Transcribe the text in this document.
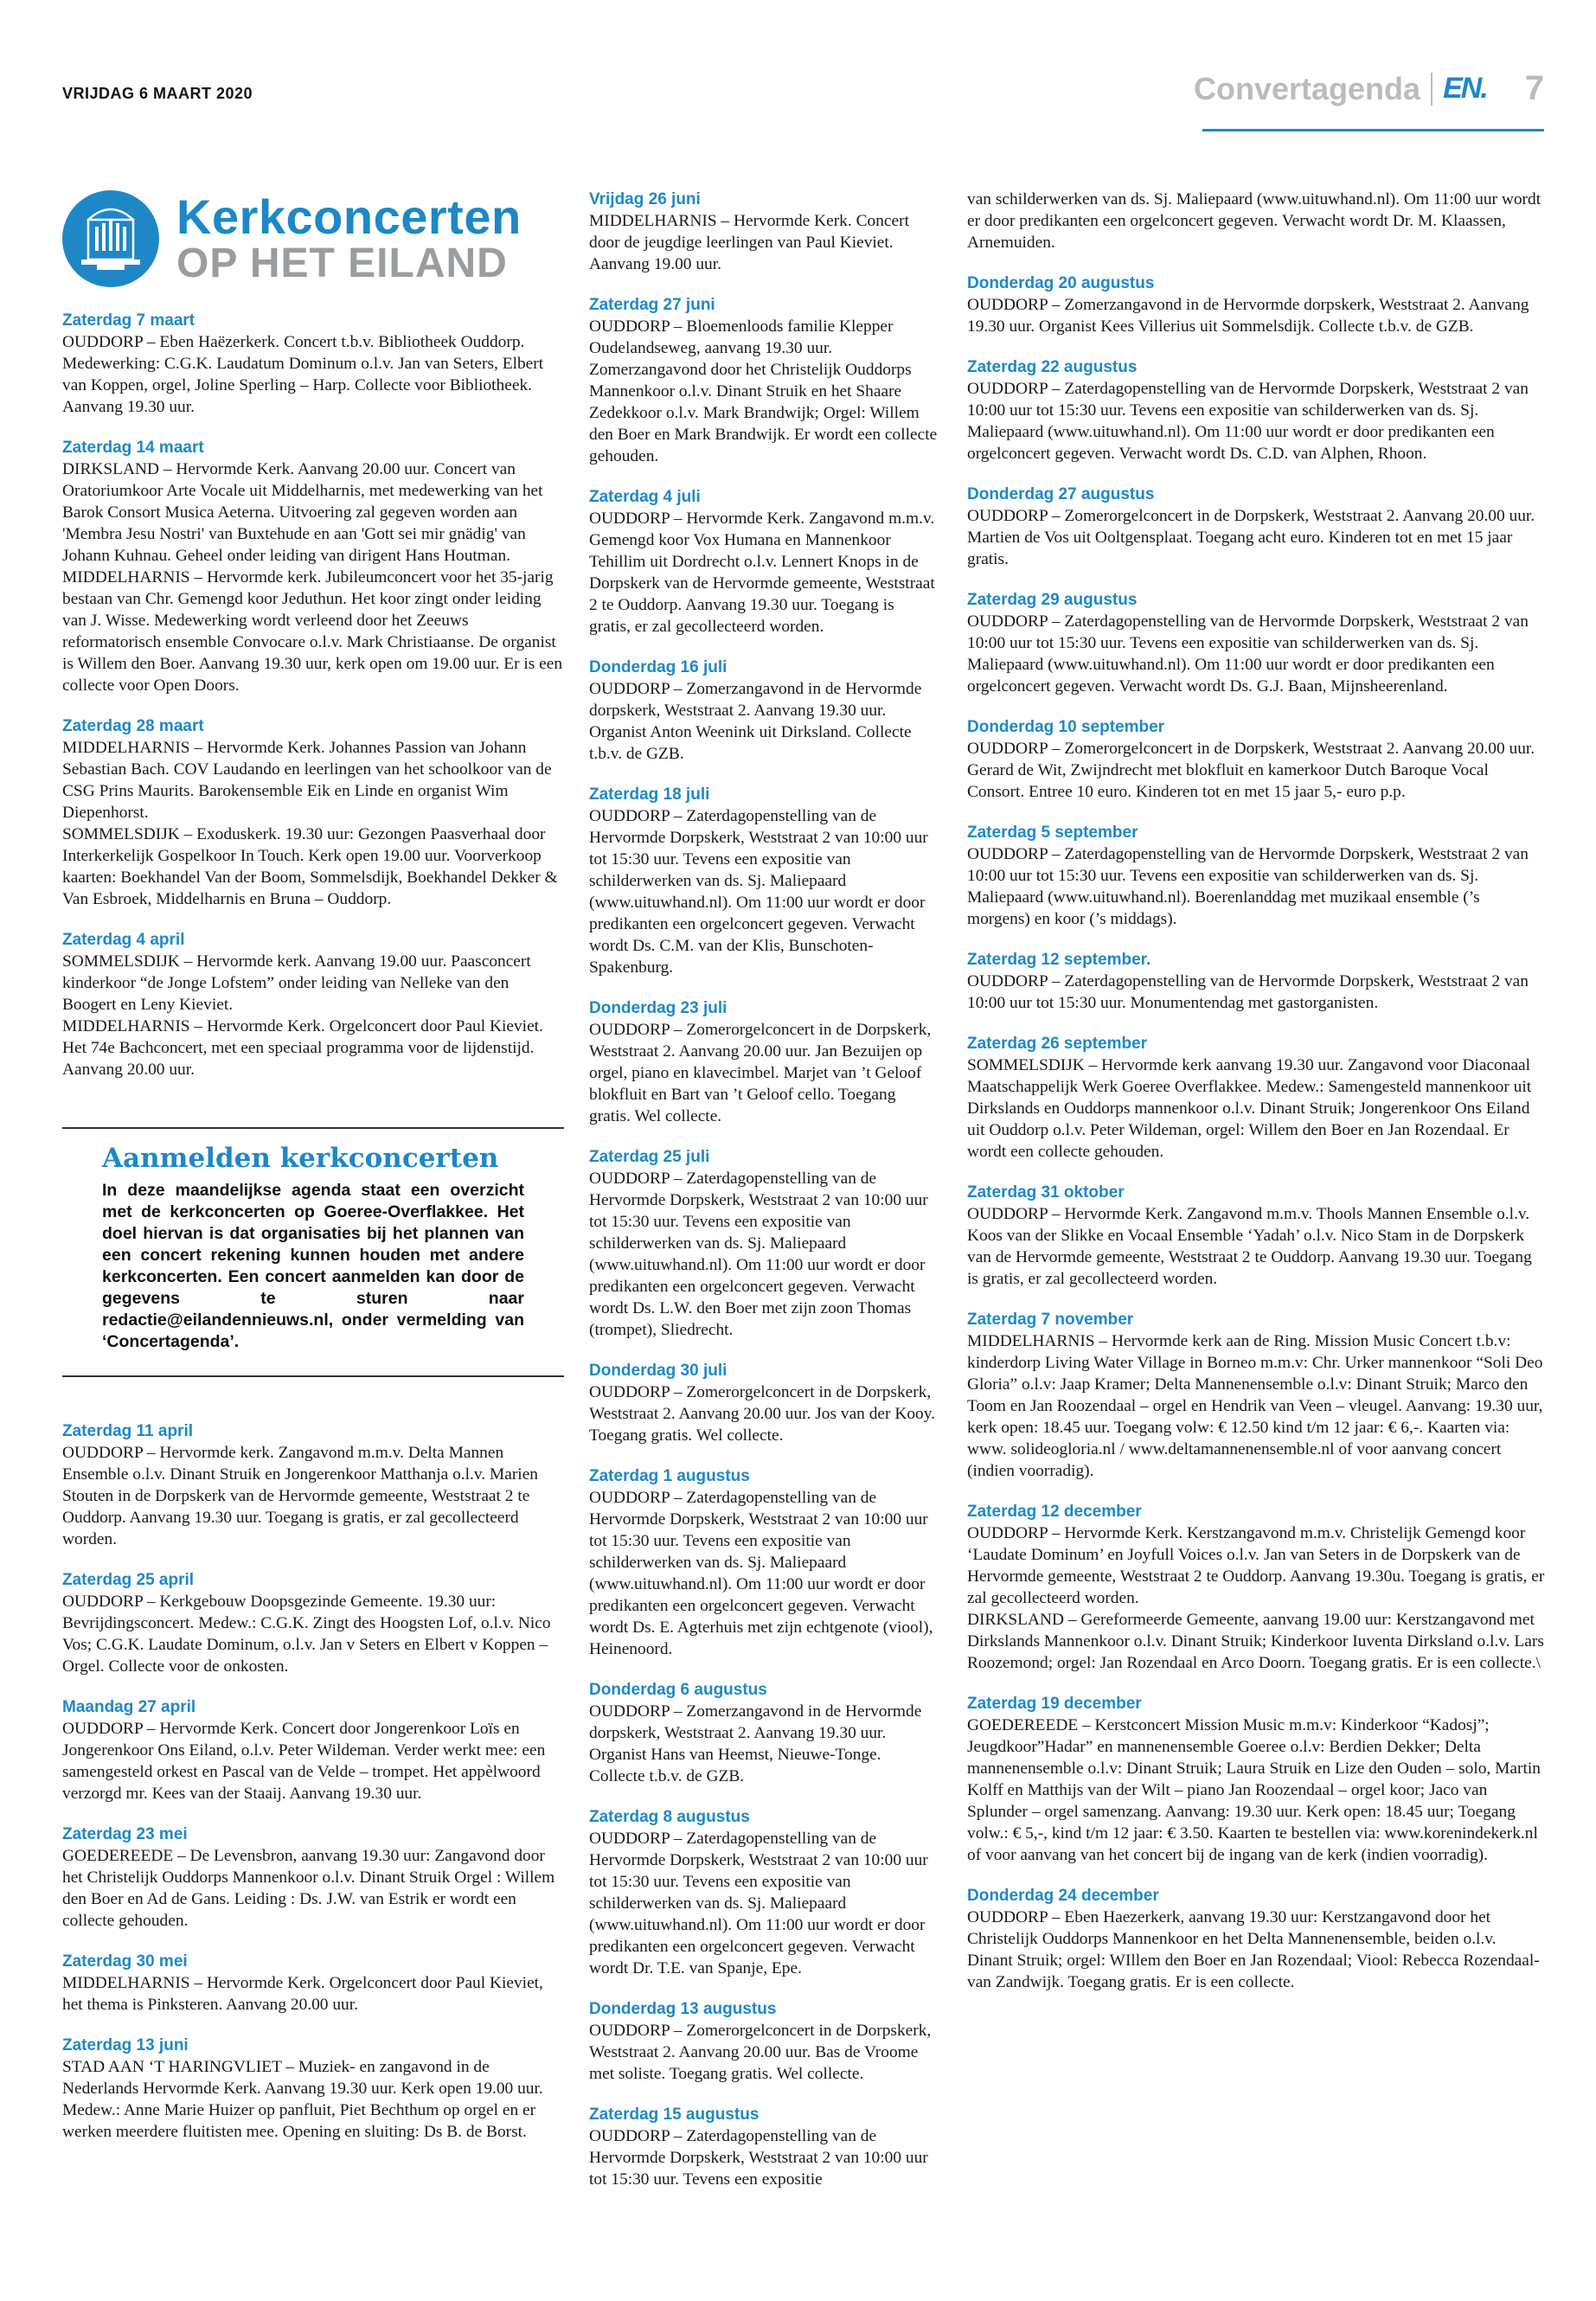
VRIJDAG 6 MAART 2020	Convertagenda EN. 7
Kerkconcerten
OP HET EILAND
Zaterdag 7 maart
OUDDORP – Eben Haëzerkerk. Concert t.b.v. Bibliotheek Ouddorp. Medewerking: C.G.K. Laudatum Dominum o.l.v. Jan van Seters, Elbert van Koppen, orgel, Joline Sperling – Harp. Collecte voor Bibliotheek. Aanvang 19.30 uur.
Zaterdag 14 maart
DIRKSLAND – Hervormde Kerk. Aanvang 20.00 uur. Concert van Oratoriumkoor Arte Vocale uit Middelharnis, met medewerking van het Barok Consort Musica Aeterna. Uitvoering zal gegeven worden aan 'Membra Jesu Nostri' van Buxtehude en aan 'Gott sei mir gnädig' van Johann Kuhnau. Geheel onder leiding van dirigent Hans Houtman.
MIDDELHARNIS – Hervormde kerk. Jubileumconcert voor het 35-jarig bestaan van Chr. Gemengd koor Jeduthun. Het koor zingt onder leiding van J. Wisse. Medewerking wordt verleend door het Zeeuws reformatorisch ensemble Convocare o.l.v. Mark Christiaanse. De organist is Willem den Boer. Aanvang 19.30 uur, kerk open om 19.00 uur. Er is een collecte voor Open Doors.
Zaterdag 28 maart
MIDDELHARNIS – Hervormde Kerk. Johannes Passion van Johann Sebastian Bach. COV Laudando en leerlingen van het schoolkoor van de CSG Prins Maurits. Barokensemble Eik en Linde en organist Wim Diepenhorst.
SOMMELSDIJK – Exoduskerk. 19.30 uur: Gezongen Paasverhaal door Interkerkelijk Gospelkoor In Touch. Kerk open 19.00 uur. Voorverkoop kaarten: Boekhandel Van der Boom, Sommelsdijk, Boekhandel Dekker & Van Esbroek, Middelharnis en Bruna – Ouddorp.
Zaterdag 4 april
SOMMELSDIJK – Hervormde kerk. Aanvang 19.00 uur. Paasconcert kinderkoor “de Jonge Lofstem” onder leiding van Nelleke van den Boogert en Leny Kieviet.
MIDDELHARNIS – Hervormde Kerk. Orgelconcert door Paul Kieviet. Het 74e Bachconcert, met een speciaal programma voor de lijdenstijd. Aanvang 20.00 uur.
Aanmelden kerkconcerten
In deze maandelijkse agenda staat een overzicht met de kerkconcerten op Goeree-Overflakkee. Het doel hiervan is dat organisaties bij het plannen van een concert rekening kunnen houden met andere kerkconcerten. Een concert aanmelden kan door de gegevens te sturen naar redactie@eilandennieuws.nl, onder vermelding van ‘Concertagenda’.
Zaterdag 11 april
OUDDORP – Hervormde kerk. Zangavond m.m.v. Delta Mannen Ensemble o.l.v. Dinant Struik en Jongerenkoor Matthanja o.l.v. Marien Stouten in de Dorpskerk van de Hervormde gemeente, Weststraat 2 te Ouddorp. Aanvang 19.30 uur. Toegang is gratis, er zal gecollecteerd worden.
Zaterdag 25 april
OUDDORP – Kerkgebouw Doopsgezinde Gemeente. 19.30 uur: Bevrijdingsconcert. Medew.: C.G.K. Zingt des Hoogsten Lof, o.l.v. Nico Vos; C.G.K. Laudate Dominum, o.l.v. Jan v Seters en Elbert v Koppen – Orgel. Collecte voor de onkosten.
Maandag 27 april
OUDDORP – Hervormde Kerk. Concert door Jongerenkoor Loïs en Jongerenkoor Ons Eiland, o.l.v. Peter Wildeman. Verder werkt mee: een samengesteld orkest en Pascal van de Velde – trompet. Het appèlwoord verzorgd mr. Kees van der Staaij. Aanvang 19.30 uur.
Zaterdag 23 mei
GOEDEREEDE – De Levensbron, aanvang 19.30 uur: Zangavond door het Christelijk Ouddorps Mannenkoor o.l.v. Dinant Struik Orgel : Willem den Boer en Ad de Gans. Leiding : Ds. J.W. van Estrik er wordt een collecte gehouden.
Zaterdag 30 mei
MIDDELHARNIS – Hervormde Kerk. Orgelconcert door Paul Kieviet, het thema is Pinksteren. Aanvang 20.00 uur.
Zaterdag 13 juni
STAD AAN ‘T HARINGVLIET – Muziek- en zangavond in de Nederlands Hervormde Kerk. Aanvang 19.30 uur. Kerk open 19.00 uur. Medew.: Anne Marie Huizer op panfluit, Piet Bechthum op orgel en er werken meerdere fluitisten mee. Opening en sluiting: Ds B. de Borst.
Vrijdag 26 juni
MIDDELHARNIS – Hervormde Kerk. Concert door de jeugdige leerlingen van Paul Kieviet. Aanvang 19.00 uur.
Zaterdag 27 juni
OUDDORP – Bloemenloods familie Klepper Oudelandseweg, aanvang 19.30 uur. Zomerzangavond door het Christelijk Ouddorps Mannenkoor o.l.v. Dinant Struik en het Shaare Zedekkoor o.l.v. Mark Brandwijk; Orgel: Willem den Boer en Mark Brandwijk. Er wordt een collecte gehouden.
Zaterdag 4 juli
OUDDORP – Hervormde Kerk. Zangavond m.m.v. Gemengd koor Vox Humana en Mannenkoor Tehillim uit Dordrecht o.l.v. Lennert Knops in de Dorpskerk van de Hervormde gemeente, Weststraat 2 te Ouddorp. Aanvang 19.30 uur. Toegang is gratis, er zal gecollecteerd worden.
Donderdag 16 juli
OUDDORP – Zomerzangavond in de Hervormde dorpskerk, Weststraat 2. Aanvang 19.30 uur. Organist Anton Weenink uit Dirksland. Collecte t.b.v. de GZB.
Zaterdag 18 juli
OUDDORP – Zaterdagopenstelling van de Hervormde Dorpskerk, Weststraat 2 van 10:00 uur tot 15:30 uur. Tevens een expositie van schilderwerken van ds. Sj. Maliepaard (www.uituwhand.nl). Om 11:00 uur wordt er door predikanten een orgelconcert gegeven. Verwacht wordt Ds. C.M. van der Klis, Bunschoten-Spakenburg.
Donderdag 23 juli
OUDDORP – Zomerorgelconcert in de Dorpskerk, Weststraat 2. Aanvang 20.00 uur. Jan Bezuijen op orgel, piano en klavecimbel. Marjet van ’t Geloof blokfluit en Bart van ’t Geloof cello. Toegang gratis. Wel collecte.
Zaterdag 25 juli
OUDDORP – Zaterdagopenstelling van de Hervormde Dorpskerk, Weststraat 2 van 10:00 uur tot 15:30 uur. Tevens een expositie van schilderwerken van ds. Sj. Maliepaard (www.uituwhand.nl). Om 11:00 uur wordt er door predikanten een orgelconcert gegeven. Verwacht wordt Ds. L.W. den Boer met zijn zoon Thomas (trompet), Sliedrecht.
Donderdag 30 juli
OUDDORP – Zomerorgelconcert in de Dorpskerk, Weststraat 2. Aanvang 20.00 uur. Jos van der Kooy. Toegang gratis. Wel collecte.
Zaterdag 1 augustus
OUDDORP – Zaterdagopenstelling van de Hervormde Dorpskerk, Weststraat 2 van 10:00 uur tot 15:30 uur. Tevens een expositie van schilderwerken van ds. Sj. Maliepaard (www.uituwhand.nl). Om 11:00 uur wordt er door predikanten een orgelconcert gegeven. Verwacht wordt Ds. E. Agterhuis met zijn echtgenote (viool), Heinenoord.
Donderdag 6 augustus
OUDDORP – Zomerzangavond in de Hervormde dorpskerk, Weststraat 2. Aanvang 19.30 uur. Organist Hans van Heemst, Nieuwe-Tonge. Collecte t.b.v. de GZB.
Zaterdag 8 augustus
OUDDORP – Zaterdagopenstelling van de Hervormde Dorpskerk, Weststraat 2 van 10:00 uur tot 15:30 uur. Tevens een expositie van schilderwerken van ds. Sj. Maliepaard (www.uituwhand.nl). Om 11:00 uur wordt er door predikanten een orgelconcert gegeven. Verwacht wordt Dr. T.E. van Spanje, Epe.
Donderdag 13 augustus
OUDDORP – Zomerorgelconcert in de Dorpskerk, Weststraat 2. Aanvang 20.00 uur. Bas de Vroome met soliste. Toegang gratis. Wel collecte.
Zaterdag 15 augustus
OUDDORP – Zaterdagopenstelling van de Hervormde Dorpskerk, Weststraat 2 van 10:00 uur tot 15:30 uur. Tevens een expositie
van schilderwerken van ds. Sj. Maliepaard (www.uituwhand.nl). Om 11:00 uur wordt er door predikanten een orgelconcert gegeven. Verwacht wordt Dr. M. Klaassen, Arnemuiden.
Donderdag 20 augustus
OUDDORP – Zomerzangavond in de Hervormde dorpskerk, Weststraat 2. Aanvang 19.30 uur. Organist Kees Villerius uit Sommelsdijk. Collecte t.b.v. de GZB.
Zaterdag 22 augustus
OUDDORP – Zaterdagopenstelling van de Hervormde Dorpskerk, Weststraat 2 van 10:00 uur tot 15:30 uur. Tevens een expositie van schilderwerken van ds. Sj. Maliepaard (www.uituwhand.nl). Om 11:00 uur wordt er door predikanten een orgelconcert gegeven. Verwacht wordt Ds. C.D. van Alphen, Rhoon.
Donderdag 27 augustus
OUDDORP – Zomerorgelconcert in de Dorpskerk, Weststraat 2. Aanvang 20.00 uur. Martien de Vos uit Ooltgensplaat. Toegang acht euro. Kinderen tot en met 15 jaar gratis.
Zaterdag 29 augustus
OUDDORP – Zaterdagopenstelling van de Hervormde Dorpskerk, Weststraat 2 van 10:00 uur tot 15:30 uur. Tevens een expositie van schilderwerken van ds. Sj. Maliepaard (www.uituwhand.nl). Om 11:00 uur wordt er door predikanten een orgelconcert gegeven. Verwacht wordt Ds. G.J. Baan, Mijnsheerenland.
Donderdag 10 september
OUDDORP – Zomerorgelconcert in de Dorpskerk, Weststraat 2. Aanvang 20.00 uur. Gerard de Wit, Zwijndrecht met blokfluit en kamerkoor Dutch Baroque Vocal Consort. Entree 10 euro. Kinderen tot en met 15 jaar 5,- euro p.p.
Zaterdag 5 september
OUDDORP – Zaterdagopenstelling van de Hervormde Dorpskerk, Weststraat 2 van 10:00 uur tot 15:30 uur. Tevens een expositie van schilderwerken van ds. Sj. Maliepaard (www.uituwhand.nl). Boerenlanddag met muzikaal ensemble (’s morgens) en koor (’s middags).
Zaterdag 12 september.
OUDDORP – Zaterdagopenstelling van de Hervormde Dorpskerk, Weststraat 2 van 10:00 uur tot 15:30 uur. Monumentendag met gastorganisten.
Zaterdag 26 september
SOMMELSDIJK – Hervormde kerk aanvang 19.30 uur. Zangavond voor Diaconaal Maatschappelijk Werk Goeree Overflakkee. Medew.: Samengesteld mannenkoor uit Dirkslands en Ouddorps mannenkoor o.l.v. Dinant Struik; Jongerenkoor Ons Eiland uit Ouddorp o.l.v. Peter Wildeman, orgel: Willem den Boer en Jan Rozendaal. Er wordt een collecte gehouden.
Zaterdag 31 oktober
OUDDORP – Hervormde Kerk. Zangavond m.m.v. Thools Mannen Ensemble o.l.v. Koos van der Slikke en Vocaal Ensemble ‘Yadah’ o.l.v. Nico Stam in de Dorpskerk van de Hervormde gemeente, Weststraat 2 te Ouddorp. Aanvang 19.30 uur. Toegang is gratis, er zal gecollecteerd worden.
Zaterdag 7 november
MIDDELHARNIS – Hervormde kerk aan de Ring. Mission Music Concert t.b.v: kinderdorp Living Water Village in Borneo m.m.v: Chr. Urker mannenkoor “Soli Deo Gloria” o.l.v: Jaap Kramer; Delta Mannenensemble o.l.v: Dinant Struik; Marco den Toom en Jan Roozendaal – orgel en Hendrik van Veen – vleugel. Aanvang: 19.30 uur, kerk open: 18.45 uur. Toegang volw: € 12.50 kind t/m 12 jaar: € 6,-. Kaarten via: www. solideogloria.nl / www.deltamannenensemble.nl of voor aanvang concert (indien voorradig).
Zaterdag 12 december
OUDDORP – Hervormde Kerk. Kerstzangavond m.m.v. Christelijk Gemengd koor ‘Laudate Dominum’ en Joyfull Voices o.l.v. Jan van Seters in de Dorpskerk van de Hervormde gemeente, Weststraat 2 te Ouddorp. Aanvang 19.30u. Toegang is gratis, er zal gecollecteerd worden.
DIRKSLAND – Gereformeerde Gemeente, aanvang 19.00 uur: Kerstzangavond met Dirkslands Mannenkoor o.l.v. Dinant Struik; Kinderkoor Iuventa Dirksland o.l.v. Lars Roozemond; orgel: Jan Rozendaal en Arco Doorn. Toegang gratis. Er is een collecte.\
Zaterdag 19 december
GOEDEREEDE – Kerstconcert Mission Music m.m.v: Kinderkoor “Kadosj”; Jeugdkoor”Hadar” en mannenensemble Goeree o.l.v: Berdien Dekker; Delta mannenensemble o.l.v: Dinant Struik; Laura Struik en Lize den Ouden – solo, Martin Kolff en Matthijs van der Wilt – piano Jan Roozendaal – orgel koor; Jaco van Splunder – orgel samenzang. Aanvang: 19.30 uur. Kerk open: 18.45 uur; Toegang volw.: € 5,-, kind t/m 12 jaar: € 3.50. Kaarten te bestellen via: www.korenindekerk.nl of voor aanvang van het concert bij de ingang van de kerk (indien voorradig).
Donderdag 24 december
OUDDORP – Eben Haezerkerk, aanvang 19.30 uur: Kerstzangavond door het Christelijk Ouddorps Mannenkoor en het Delta Mannenensemble, beiden o.l.v. Dinant Struik; orgel: WIllem den Boer en Jan Rozendaal; Viool: Rebecca Rozendaal- van Zandwijk. Toegang gratis. Er is een collecte.
